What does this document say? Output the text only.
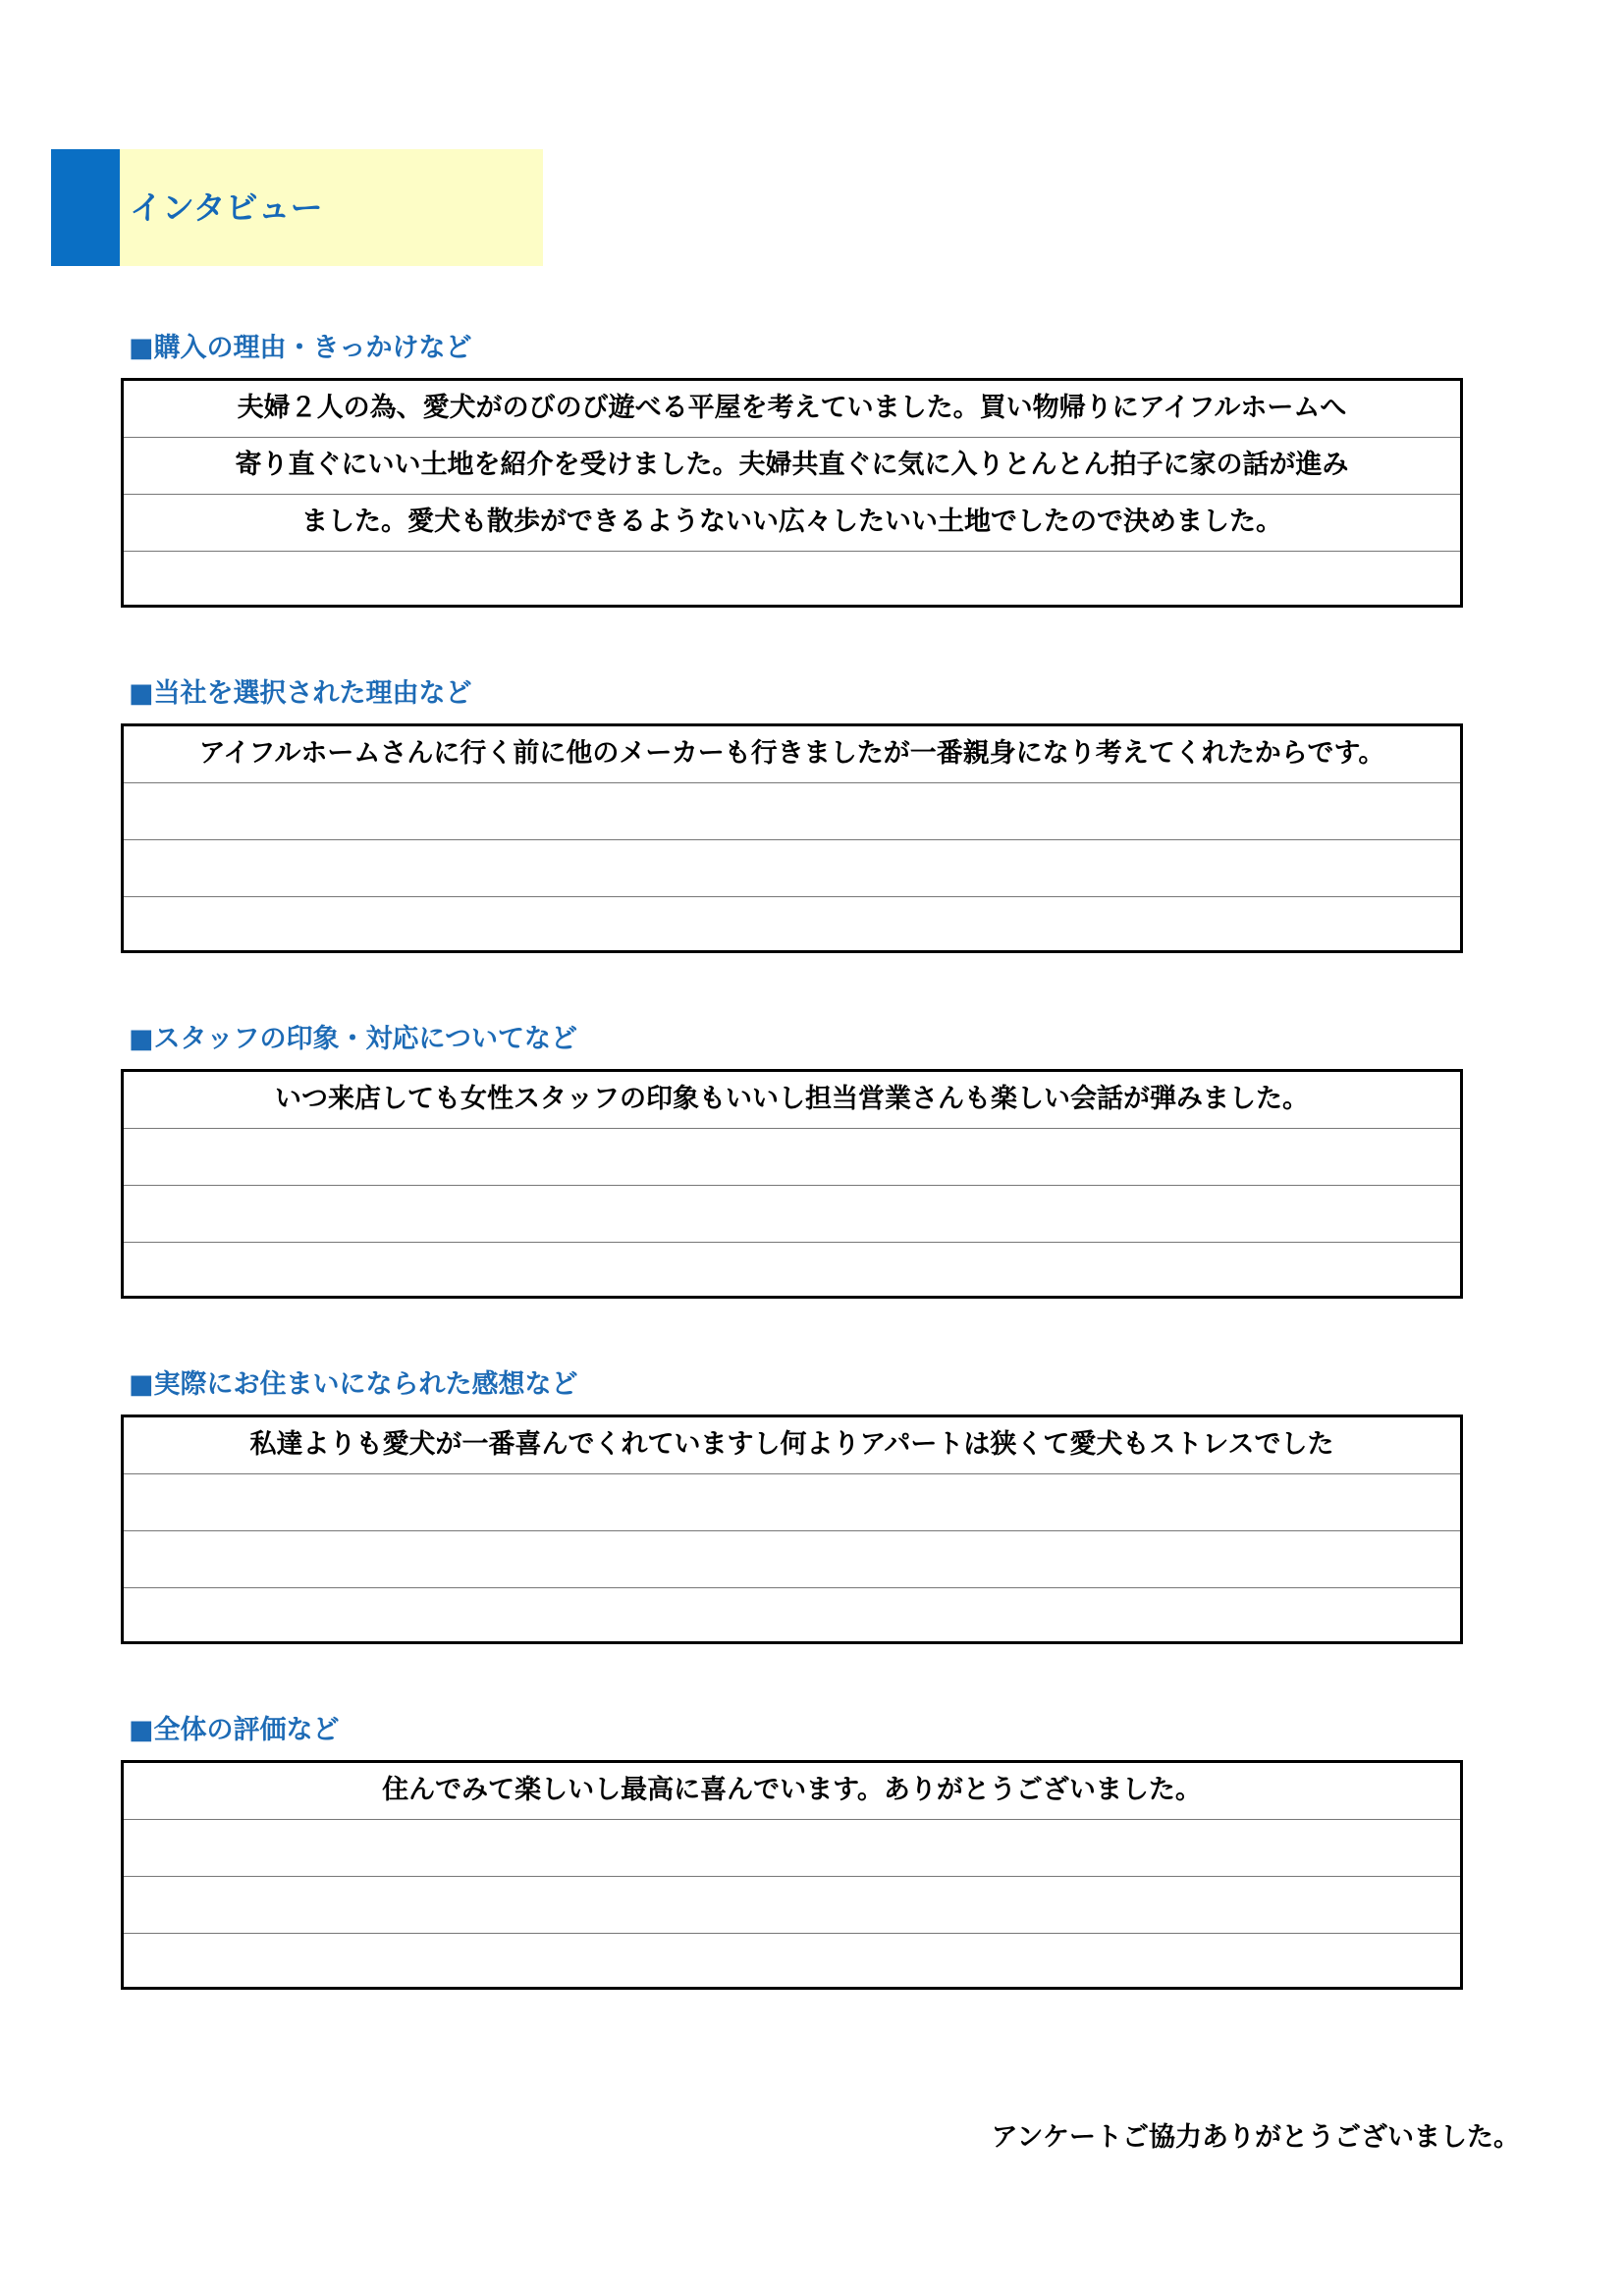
インタビュー
■購入の理由・きっかけなど
夫婦２人の為、愛犬がのびのび遊べる平屋を考えていました。買い物帰りにアイフルホームへ
寄り直ぐにいい土地を紹介を受けました。夫婦共直ぐに気に入りとんとん拍子に家の話が進み
ました。愛犬も散歩ができるようないい広々したいい土地でしたので決めました。
■当社を選択された理由など
アイフルホームさんに行く前に他のメーカーも行きましたが一番親身になり考えてくれたからです。
■スタッフの印象・対応についてなど
いつ来店しても女性スタッフの印象もいいし担当営業さんも楽しい会話が弾みました。
■実際にお住まいになられた感想など
私達よりも愛犬が一番喜んでくれていますし何よりアパートは狭くて愛犬もストレスでした
■全体の評価など
住んでみて楽しいし最高に喜んでいます。ありがとうございました。
アンケートご協力ありがとうございました。
